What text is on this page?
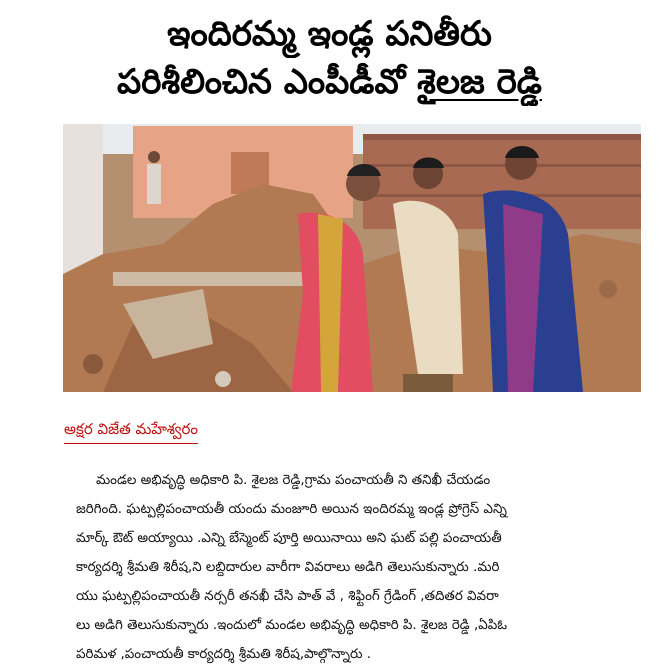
ఇందిరమ్మ ఇండ్ల పనితీరు
పరిశీలించిన ఎంపీడీవో శైలజ రెడ్డి
అక్షర విజేత మహేశ్వరం
మండల అభివృద్ధి అధికారి పి. శైలజ రెడ్డి,గ్రామ పంచాయతీ ని తనిఖీ చేయడం
జరిగింది. ఘట్పల్లిపంచాయతీ యందు మంజూరి అయిన ఇందిరమ్మ ఇండ్ల ప్రోగ్రెస్ ఎన్ని
మార్క్ ఔట్ అయ్యాయి .ఎన్ని బేస్మెంట్ పూర్తి అయినాయి అని ఘట్ పల్లి పంచాయతీ
కార్యదర్శి శ్రీమతి శిరీష,ని లబ్దిదారుల వారీగా వివరాలు అడిగి తెలుసుకున్నారు .మరి
యు ఘట్పల్లిపంచాయతీ నర్సరీ తనఖీ చేసి పాత్ వే , శిఫ్టింగ్ గ్రేడింగ్ ,తదితర వివరా
లు అడిగి తెలుసుకున్నారు .ఇందులో మండల అభివృద్ధి అధికారి పి. శైలజ రెడ్డి ,ఏపిఓ
పరిమళ ,పంచాయతీ కార్యదర్శి శ్రీమతి శిరీష,పాల్గొన్నారు .
